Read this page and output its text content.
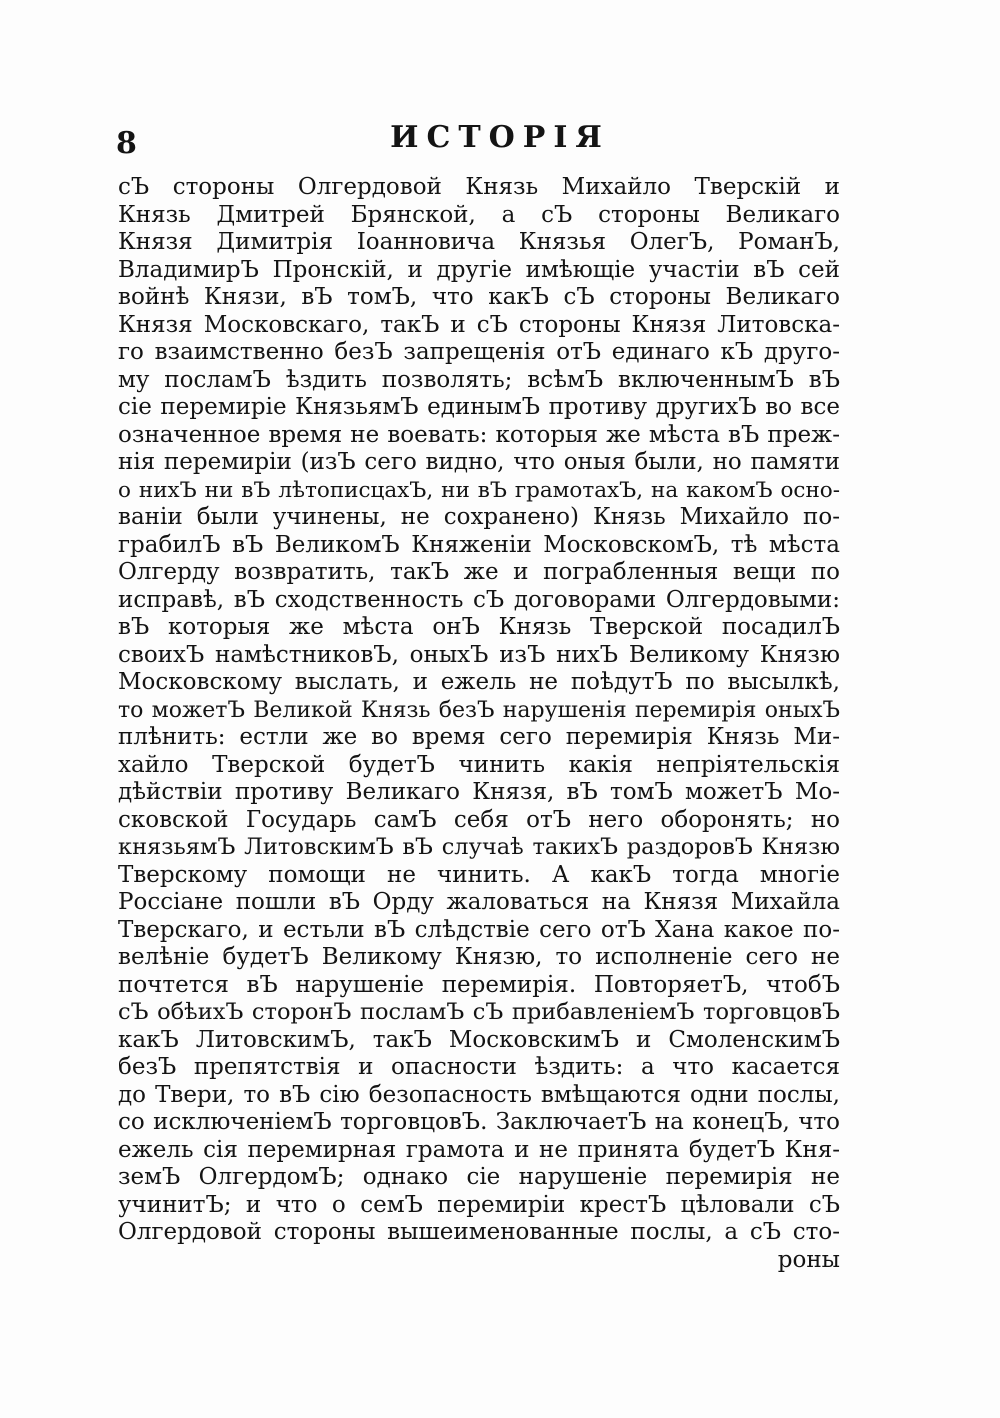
8	ИСТОРIЯ
сЪ стороны Олгердовой Князь Михайло Тверскiй и
Князь Дмитрей Брянской, а сЪ стороны Великаго
Князя Димитрiя Iоанновича Князья ОлегЪ, РоманЪ,
ВладимирЪ Пронскiй, и другiе имѣющiе участiи вЪ сей
войнѣ Князи, вЪ томЪ, что какЪ сЪ стороны Великаго
Князя Московскаго, такЪ и сЪ стороны Князя Литовска-
го взаимственно безЪ запрещенiя отЪ единаго кЪ друго-
му посламЪ ѣздить позволять; всѣмЪ включеннымЪ вЪ
сiе перемирiе КнязьямЪ единымЪ противу другихЪ во все
означенное время не воевать: которыя же мѣста вЪ преж-
нiя перемирiи (изЪ сего видно, что оныя были, но памяти
о нихЪ ни вЪ лѣтописцахЪ, ни вЪ грамотахЪ, на какомЪ осно-
ванiи были учинены, не сохранено) Князь Михайло по-
грабилЪ вЪ ВеликомЪ Княженiи МосковскомЪ, тѣ мѣста
Олгерду возвратить, такЪ же и пограбленныя вещи по
исправѣ, вЪ сходственность сЪ договорами Олгердовыми:
вЪ которыя же мѣста онЪ Князь Тверской посадилЪ
своихЪ намѣстниковЪ, оныхЪ изЪ нихЪ Великому Князю
Московскому выслать, и ежель не поѣдутЪ по высылкѣ,
то можетЪ Великой Князь безЪ нарушенiя перемирiя оныхЪ
плѣнить: естли же во время сего перемирiя Князь Ми-
хайло Тверской будетЪ чинить какiя непрiятельскiя
дѣйствiи противу Великаго Князя, вЪ томЪ можетЪ Мо-
сковской Государь самЪ себя отЪ него оборонять; но
князьямЪ ЛитовскимЪ вЪ случаѣ такихЪ раздоровЪ Князю
Тверскому помощи не чинить. А какЪ тогда многiе
Россiане пошли вЪ Орду жаловаться на Князя Михайла
Тверскаго, и естьли вЪ слѣдствiе сего отЪ Хана какое по-
велѣнiе будетЪ Великому Князю, то исполненiе сего не
почтется вЪ нарушенiе перемирiя. ПовторяетЪ, чтобЪ
сЪ обѣихЪ сторонЪ посламЪ сЪ прибавленiемЪ торговцовЪ
какЪ ЛитовскимЪ, такЪ МосковскимЪ и СмоленскимЪ
безЪ препятствiя и опасности ѣздить: а что касается
до Твери, то вЪ сiю безопасность вмѣщаются одни послы,
со исключенiемЪ торговцовЪ. ЗаключаетЪ на конецЪ, что
ежель сiя перемирная грамота и не принята будетЪ Кня-
земЪ ОлгердомЪ; однако сiе нарушенiе перемирiя не
учинитЪ; и что о семЪ перемирiи крестЪ цѣловали сЪ
Олгердовой стороны вышеименованные послы, а сЪ сто-
роны
